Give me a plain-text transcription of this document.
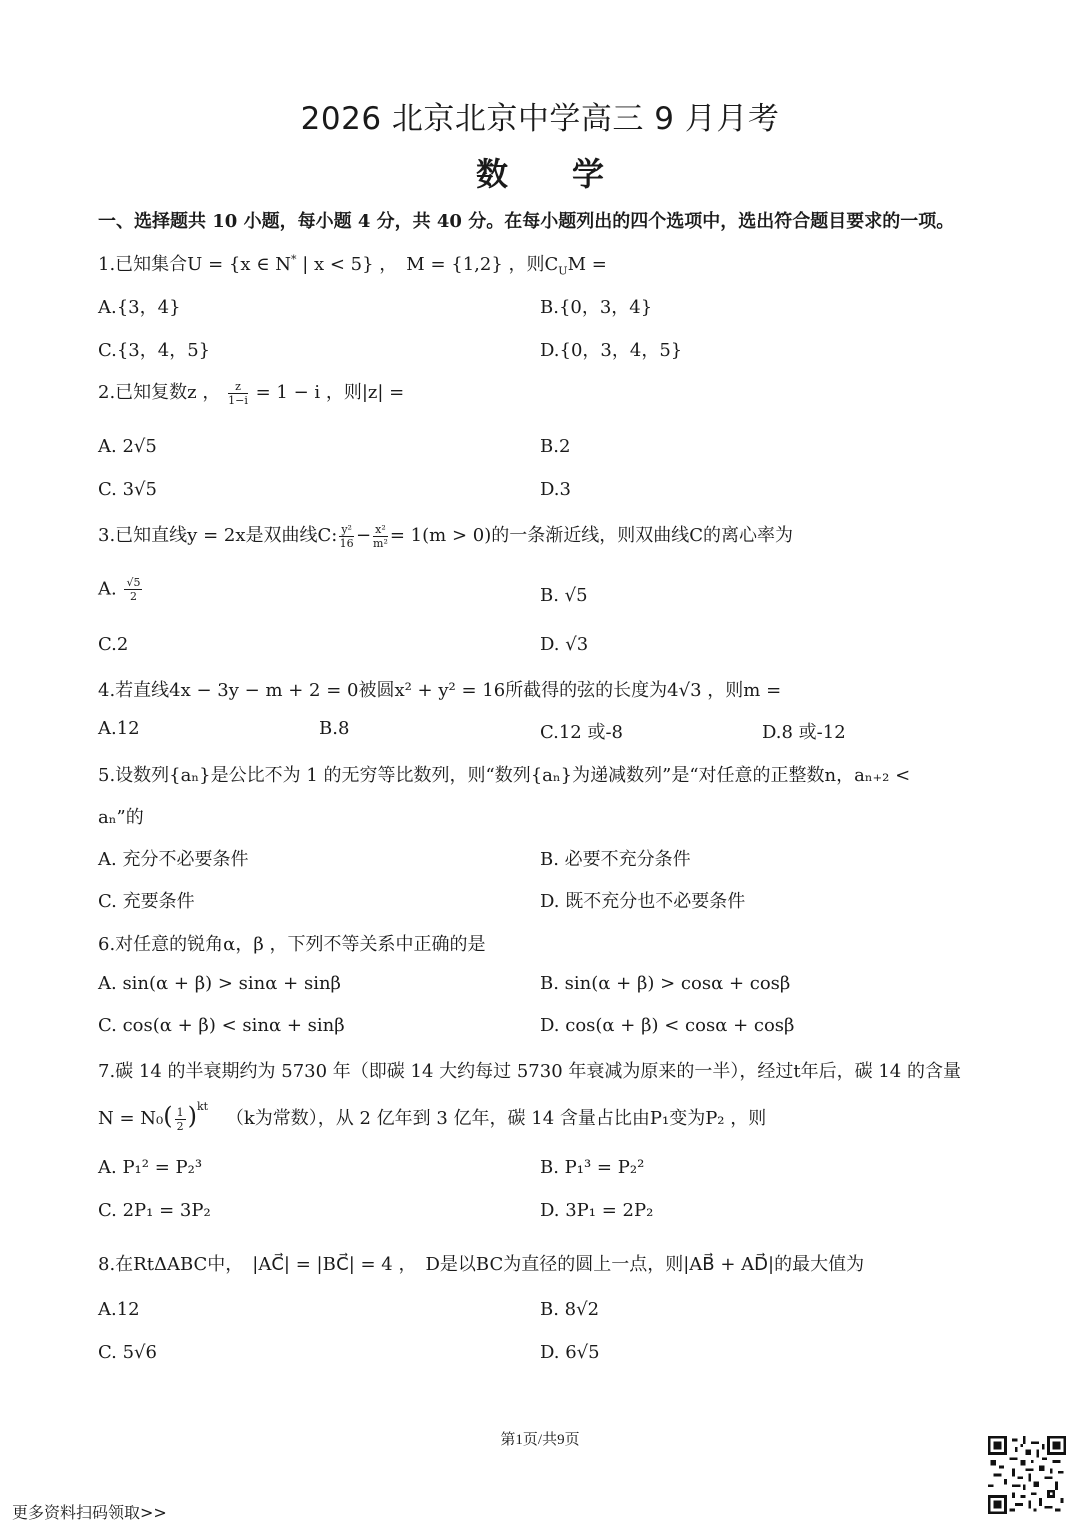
2026 北京北京中学高三 9 月月考
数　　学
一、选择题共 10 小题，每小题 4 分，共 40 分。在每小题列出的四个选项中，选出符合题目要求的一项。
1.已知集合U = {x ∈ N* | x < 5} ，　M = {1,2} ，则$C_UM$ =
A.{3，4}	B.{0，3，4}
C.{3，4，5}	D.{0，3，4，5}
2.已知复数z ， $\frac{z}{1-i} = 1 - i$ ，则|z| =
A. 2√5	B.2
C. 3√5	D.3
3.已知直线y = 2x是双曲线C: $\frac{\text{y²}}{16} - \frac{\text{x²}}{\text{m²}} = 1(m > 0)$的一条渐近线，则双曲线C的离心率为
A. $\frac{√5}{2}$	B. √5
C.2	D. √3
4.若直线4x − 3y − m + 2 = 0被圆x² + y² = 16所截得的弦的长度为4√3 ，则m =
A.12	B.8	C.12 或-8	D.8 或-12
5.设数列{aₙ}是公比不为 1 的无穷等比数列，则“数列{aₙ}为递减数列”是“对任意的正整数n，aₙ₊₂ <
aₙ”的
A. 充分不必要条件	B. 必要不充分条件
C. 充要条件	D. 既不充分也不必要条件
6.对任意的锐角α，β ，下列不等关系中正确的是
A. sin(α + β) > sinα + sinβ	B. sin(α + β) > cosα + cosβ
C. cos(α + β) < sinα + sinβ	D. cos(α + β) < cosα + cosβ
7.碳 14 的半衰期约为 5730 年（即碳 14 大约每过 5730 年衰减为原来的一半），经过t年后，碳 14 的含量
$N = N_0( \frac{1}{2} )^{kt}$ （k为常数），从 2 亿年到 3 亿年，碳 14 含量占比由P₁变为P₂ ，则
A. P₁² = P₂³	B. P₁³ = P₂²
C. 2P₁ = 3P₂	D. 3P₁ = 2P₂
8.在RtΔABC中，　|AC⃗| = |BC⃗| = 4 ，　D是以BC为直径的圆上一点，则|AB⃗ + AD⃗|的最大值为
A.12	B. 8√2
C. 5√6	D. 6√5
第1页/共9页
更多资料扫码领取>>
